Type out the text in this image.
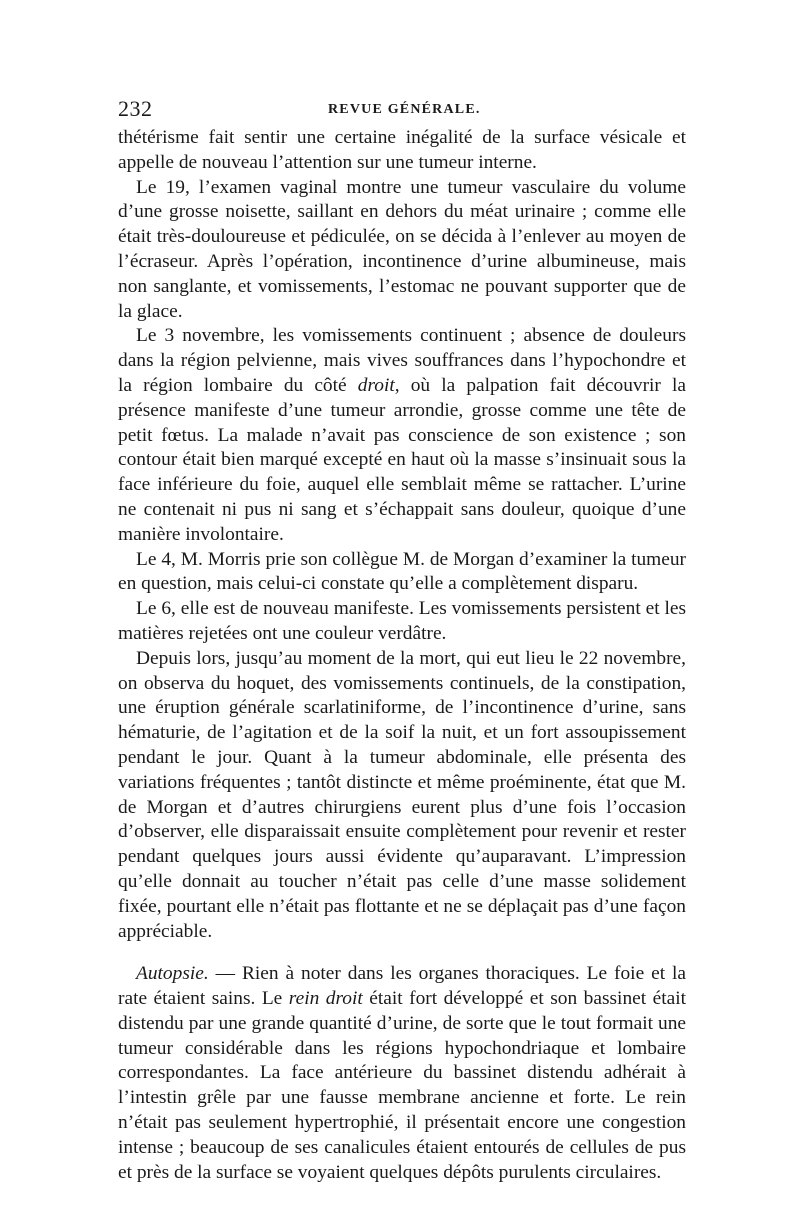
232	REVUE GÉNÉRALE.

thétérisme fait sentir une certaine inégalité de la surface vésicale et appelle de nouveau l’attention sur une tumeur interne.

Le 19, l’examen vaginal montre une tumeur vasculaire du volume d’une grosse noisette, saillant en dehors du méat urinaire ; comme elle était très-douloureuse et pédiculée, on se décida à l’enlever au moyen de l’écraseur. Après l’opération, incontinence d’urine albumineuse, mais non sanglante, et vomissements, l’estomac ne pouvant supporter que de la glace.

Le 3 novembre, les vomissements continuent ; absence de douleurs dans la région pelvienne, mais vives souffrances dans l’hypochondre et la région lombaire du côté droit, où la palpation fait découvrir la présence manifeste d’une tumeur arrondie, grosse comme une tête de petit fœtus. La malade n’avait pas conscience de son existence ; son contour était bien marqué excepté en haut où la masse s’insinuait sous la face inférieure du foie, auquel elle semblait même se rattacher. L’urine ne contenait ni pus ni sang et s’échappait sans douleur, quoique d’une manière involontaire.

Le 4, M. Morris prie son collègue M. de Morgan d’examiner la tumeur en question, mais celui-ci constate qu’elle a complètement disparu.

Le 6, elle est de nouveau manifeste. Les vomissements persistent et les matières rejetées ont une couleur verdâtre.

Depuis lors, jusqu’au moment de la mort, qui eut lieu le 22 novembre, on observa du hoquet, des vomissements continuels, de la constipation, une éruption générale scarlatiniforme, de l’incontinence d’urine, sans hématurie, de l’agitation et de la soif la nuit, et un fort assoupissement pendant le jour. Quant à la tumeur abdominale, elle présenta des variations fréquentes ; tantôt distincte et même proéminente, état que M. de Morgan et d’autres chirurgiens eurent plus d’une fois l’occasion d’observer, elle disparaissait ensuite complètement pour revenir et rester pendant quelques jours aussi évidente qu’auparavant. L’impression qu’elle donnait au toucher n’était pas celle d’une masse solidement fixée, pourtant elle n’était pas flottante et ne se déplaçait pas d’une façon appréciable.

Autopsie. — Rien à noter dans les organes thoraciques. Le foie et la rate étaient sains. Le rein droit était fort développé et son bassinet était distendu par une grande quantité d’urine, de sorte que le tout formait une tumeur considérable dans les régions hypochondriaque et lombaire correspondantes. La face antérieure du bassinet distendu adhérait à l’intestin grêle par une fausse membrane ancienne et forte. Le rein n’était pas seulement hypertrophié, il présentait encore une congestion intense ; beaucoup de ses canalicules étaient entourés de cellules de pus et près de la surface se voyaient quelques dépôts purulents circulaires.
